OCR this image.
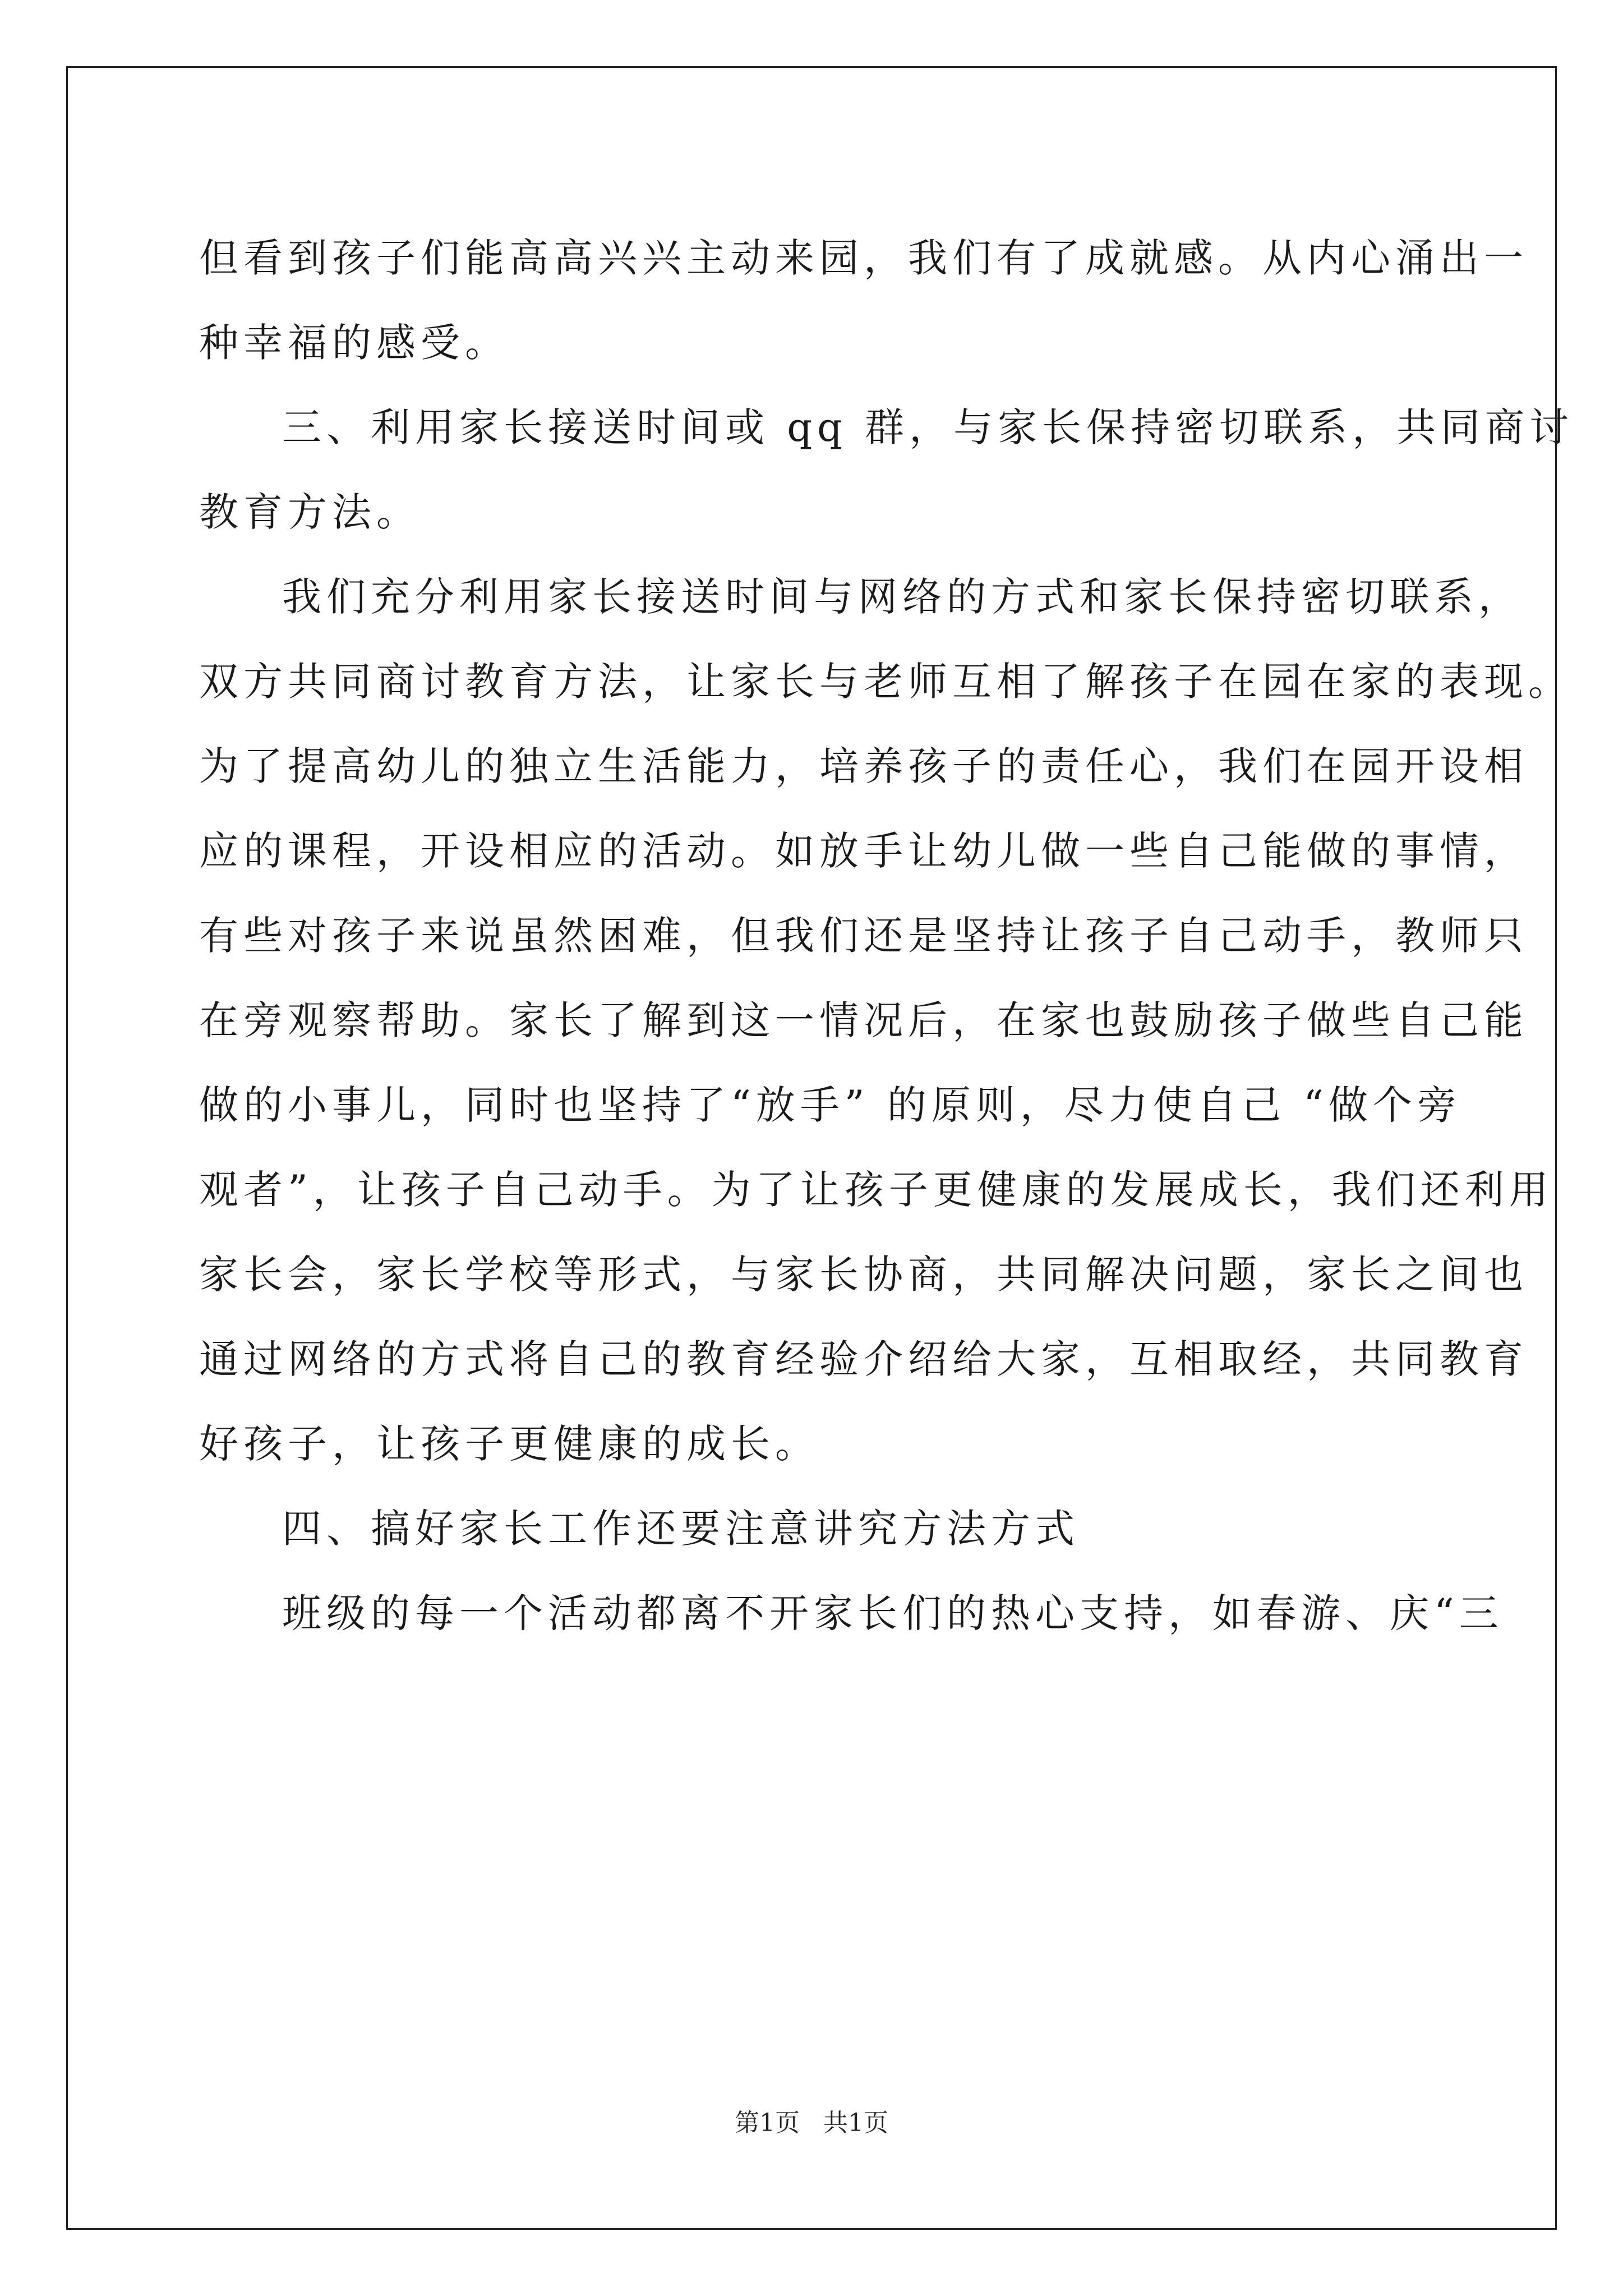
但看到孩子们能高高兴兴主动来园，我们有了成就感。从内心涌出一
种幸福的感受。
三、利用家长接送时间或 qq 群，与家长保持密切联系，共同商讨
教育方法。
我们充分利用家长接送时间与网络的方式和家长保持密切联系，
双方共同商讨教育方法，让家长与老师互相了解孩子在园在家的表现。
为了提高幼儿的独立生活能力，培养孩子的责任心，我们在园开设相
应的课程，开设相应的活动。如放手让幼儿做一些自己能做的事情，
有些对孩子来说虽然困难，但我们还是坚持让孩子自己动手，教师只
在旁观察帮助。家长了解到这一情况后，在家也鼓励孩子做些自己能
做的小事儿，同时也坚持了“放手” 的原则，尽力使自己 “做个旁
观者”，让孩子自己动手。为了让孩子更健康的发展成长，我们还利用
家长会，家长学校等形式，与家长协商，共同解决问题，家长之间也
通过网络的方式将自己的教育经验介绍给大家，互相取经，共同教育
好孩子，让孩子更健康的成长。
四、搞好家长工作还要注意讲究方法方式
班级的每一个活动都离不开家长们的热心支持，如春游、庆“三
第1页   共1页
